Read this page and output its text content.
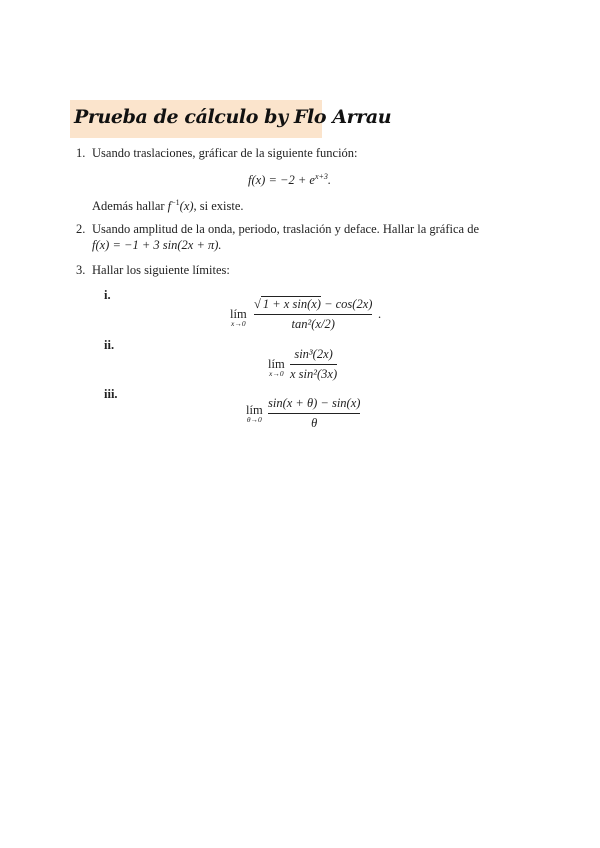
Prueba de cálculo by Flo Arrau
1. Usando traslaciones, gráficar de la siguiente función:
$f(x) = -2 + e^{x+3}$.
Además hallar $f^{-1}(x)$, si existe.
2. Usando amplitud de la onda, periodo, traslación y deface. Hallar la gráfica de
f(x) = −1 + 3 sin(2x + π).
3. Hallar los siguiente límites:
i.
lím
x→0
√ 1 + x sin(x) − cos(2x)
tan²(x/2)
.
ii.
lím
x→0
sin³(2x)
x sin²(3x)
iii.
lím
θ→0
sin(x + θ) − sin(x)
θ
